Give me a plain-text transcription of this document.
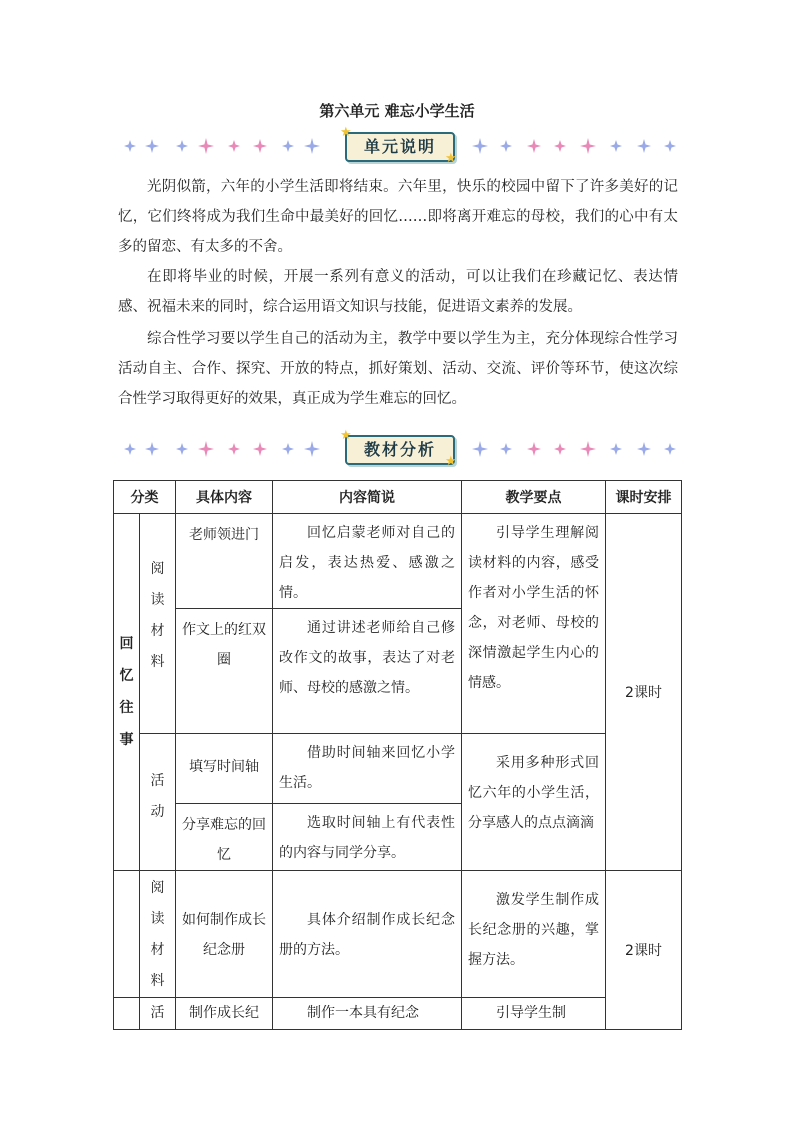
第六单元 难忘小学生活
单元说明
★
★

光阴似箭，六年的小学生活即将结束。六年里，快乐的校园中留下了许多美好的记忆，它们终将成为我们生命中最美好的回忆……即将离开难忘的母校，我们的心中有太多的留恋、有太多的不舍。

在即将毕业的时候，开展一系列有意义的活动，可以让我们在珍藏记忆、表达情感、祝福未来的同时，综合运用语文知识与技能，促进语文素养的发展。

综合性学习要以学生自己的活动为主，教学中要以学生为主，充分体现综合性学习活动自主、合作、探究、开放的特点，抓好策划、活动、交流、评价等环节，使这次综合性学习取得更好的效果，真正成为学生难忘的回忆。

教材分析
★
★
分类		具体内容	内容简说	教学要点	课时安排
回忆往事	阅读材料	老师领进门	回忆启蒙老师对自己的启发，表达热爱、感激之情。	引导学生理解阅读材料的内容，感受作者对小学生活的怀念，对老师、母校的深情激起学生内心的情感。	2课时
		作文上的红双圈	通过讲述老师给自己修改作文的故事，表达了对老师、母校的感激之情。		
	活动	填写时间轴	借助时间轴来回忆小学生活。	采用多种形式回忆六年的小学生活，分享感人的点点滴滴	
		分享难忘的回忆	选取时间轴上有代表性的内容与同学分享。		
	阅读材料	如何制作成长纪念册	具体介绍制作成长纪念册的方法。	激发学生制作成长纪念册的兴趣，掌握方法。	2课时
	活	制作成长纪	制作一本具有纪念	引导学生制	
